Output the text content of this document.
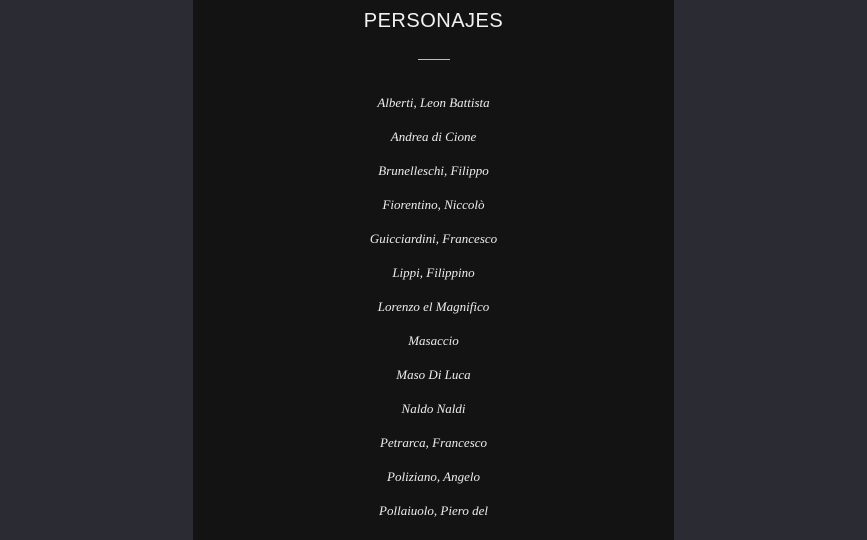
PERSONAJES
Alberti, Leon Battista
Andrea di Cione
Brunelleschi, Filippo
Fiorentino, Niccolò
Guicciardini, Francesco
Lippi, Filippino
Lorenzo el Magnifico
Masaccio
Maso Di Luca
Naldo Naldi
Petrarca, Francesco
Poliziano, Angelo
Pollaiuolo, Piero del
